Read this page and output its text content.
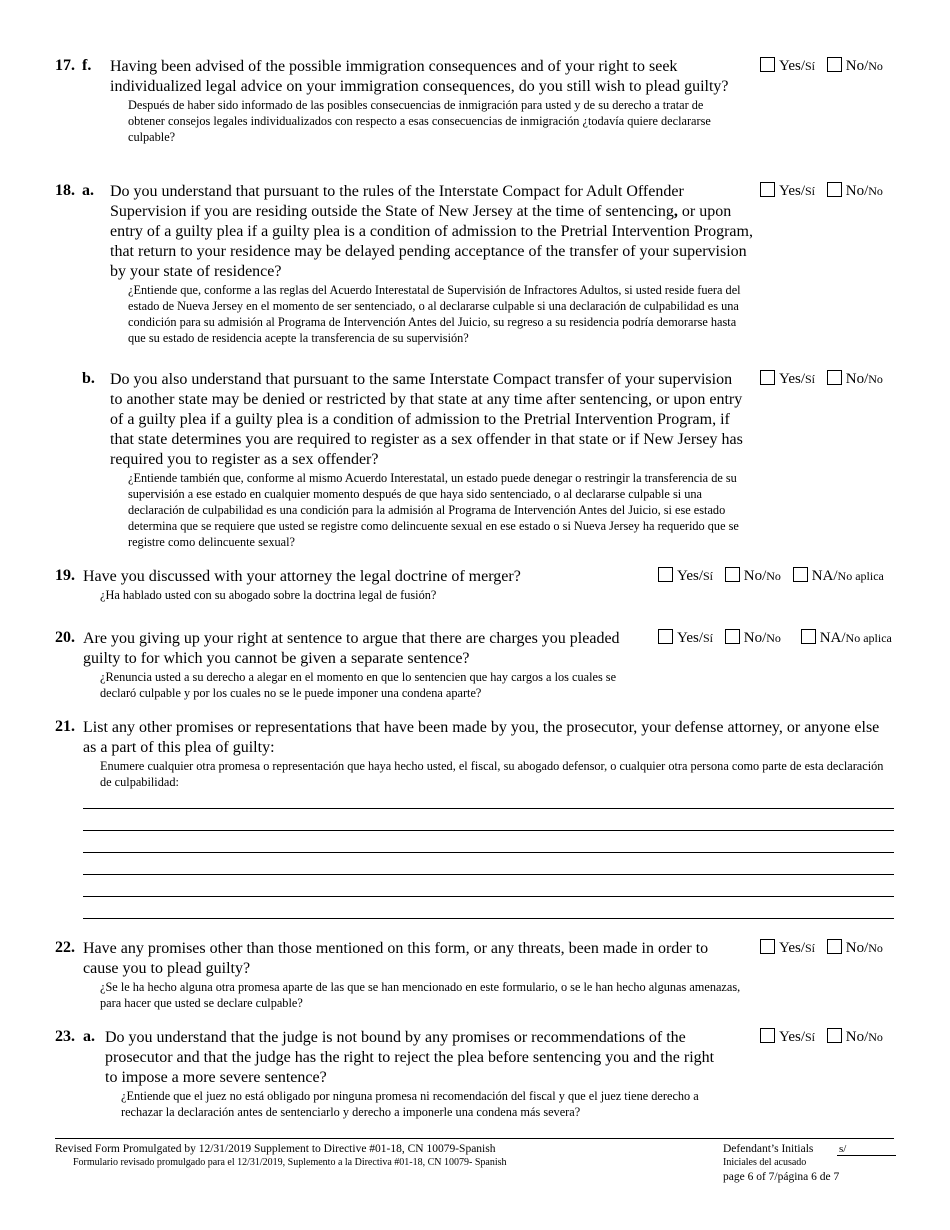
17. f. Having been advised of the possible immigration consequences and of your right to seek individualized legal advice on your immigration consequences, do you still wish to plead guilty?
Después de haber sido informado de las posibles consecuencias de inmigración para usted y de su derecho a tratar de obtener consejos legales individualizados con respecto a esas consecuencias de inmigración ¿todavía quiere declararse culpable?
Yes/Sí No/No
18. a. Do you understand that pursuant to the rules of the Interstate Compact for Adult Offender Supervision if you are residing outside the State of New Jersey at the time of sentencing, or upon entry of a guilty plea if a guilty plea is a condition of admission to the Pretrial Intervention Program, that return to your residence may be delayed pending acceptance of the transfer of your supervision by your state of residence?
¿Entiende que, conforme a las reglas del Acuerdo Interestatal de Supervisión de Infractores Adultos, si usted reside fuera del estado de Nueva Jersey en el momento de ser sentenciado, o al declararse culpable si una declaración de culpabilidad es una condición para su admisión al Programa de Intervención Antes del Juicio, su regreso a su residencia podría demorarse hasta que su estado de residencia acepte la transferencia de su supervisión?
Yes/Sí No/No
b. Do you also understand that pursuant to the same Interstate Compact transfer of your supervision to another state may be denied or restricted by that state at any time after sentencing, or upon entry of a guilty plea if a guilty plea is a condition of admission to the Pretrial Intervention Program, if that state determines you are required to register as a sex offender in that state or if New Jersey has required you to register as a sex offender?
¿Entiende también que, conforme al mismo Acuerdo Interestatal, un estado puede denegar o restringir la transferencia de su supervisión a ese estado en cualquier momento después de que haya sido sentenciado, o al declararse culpable si una declaración de culpabilidad es una condición para la admisión al Programa de Intervención Antes del Juicio, si ese estado determina que se requiere que usted se registre como delincuente sexual en ese estado o si Nueva Jersey ha requerido que se registre como delincuente sexual?
Yes/Sí No/No
19. Have you discussed with your attorney the legal doctrine of merger?
¿Ha hablado usted con su abogado sobre la doctrina legal de fusión?
Yes/Sí No/No NA/No aplica
20. Are you giving up your right at sentence to argue that there are charges you pleaded guilty to for which you cannot be given a separate sentence?
¿Renuncia usted a su derecho a alegar en el momento en que lo sentencien que hay cargos a los cuales se declaró culpable y por los cuales no se le puede imponer una condena aparte?
Yes/Sí No/No	NA/No aplica
21. List any other promises or representations that have been made by you, the prosecutor, your defense attorney, or anyone else as a part of this plea of guilty:
Enumere cualquier otra promesa o representación que haya hecho usted, el fiscal, su abogado defensor, o cualquier otra persona como parte de esta declaración de culpabilidad:
22. Have any promises other than those mentioned on this form, or any threats, been made in order to cause you to plead guilty?
¿Se le ha hecho alguna otra promesa aparte de las que se han mencionado en este formulario, o se le han hecho algunas amenazas, para hacer que usted se declare culpable?
Yes/Sí No/No
23. a. Do you understand that the judge is not bound by any promises or recommendations of the prosecutor and that the judge has the right to reject the plea before sentencing you and the right to impose a more severe sentence?
¿Entiende que el juez no está obligado por ninguna promesa ni recomendación del fiscal y que el juez tiene derecho a rechazar la declaración antes de sentenciarlo y derecho a imponerle una condena más severa?
Yes/Sí No/No
Revised Form Promulgated by 12/31/2019 Supplement to Directive #01-18, CN 10079-Spanish
Formulario revisado promulgado para el 12/31/2019, Suplemento a la Directiva #01-18, CN 10079- Spanish
Defendant’s Initials s/
Iniciales del acusado
page 6 of 7/página 6 de 7
